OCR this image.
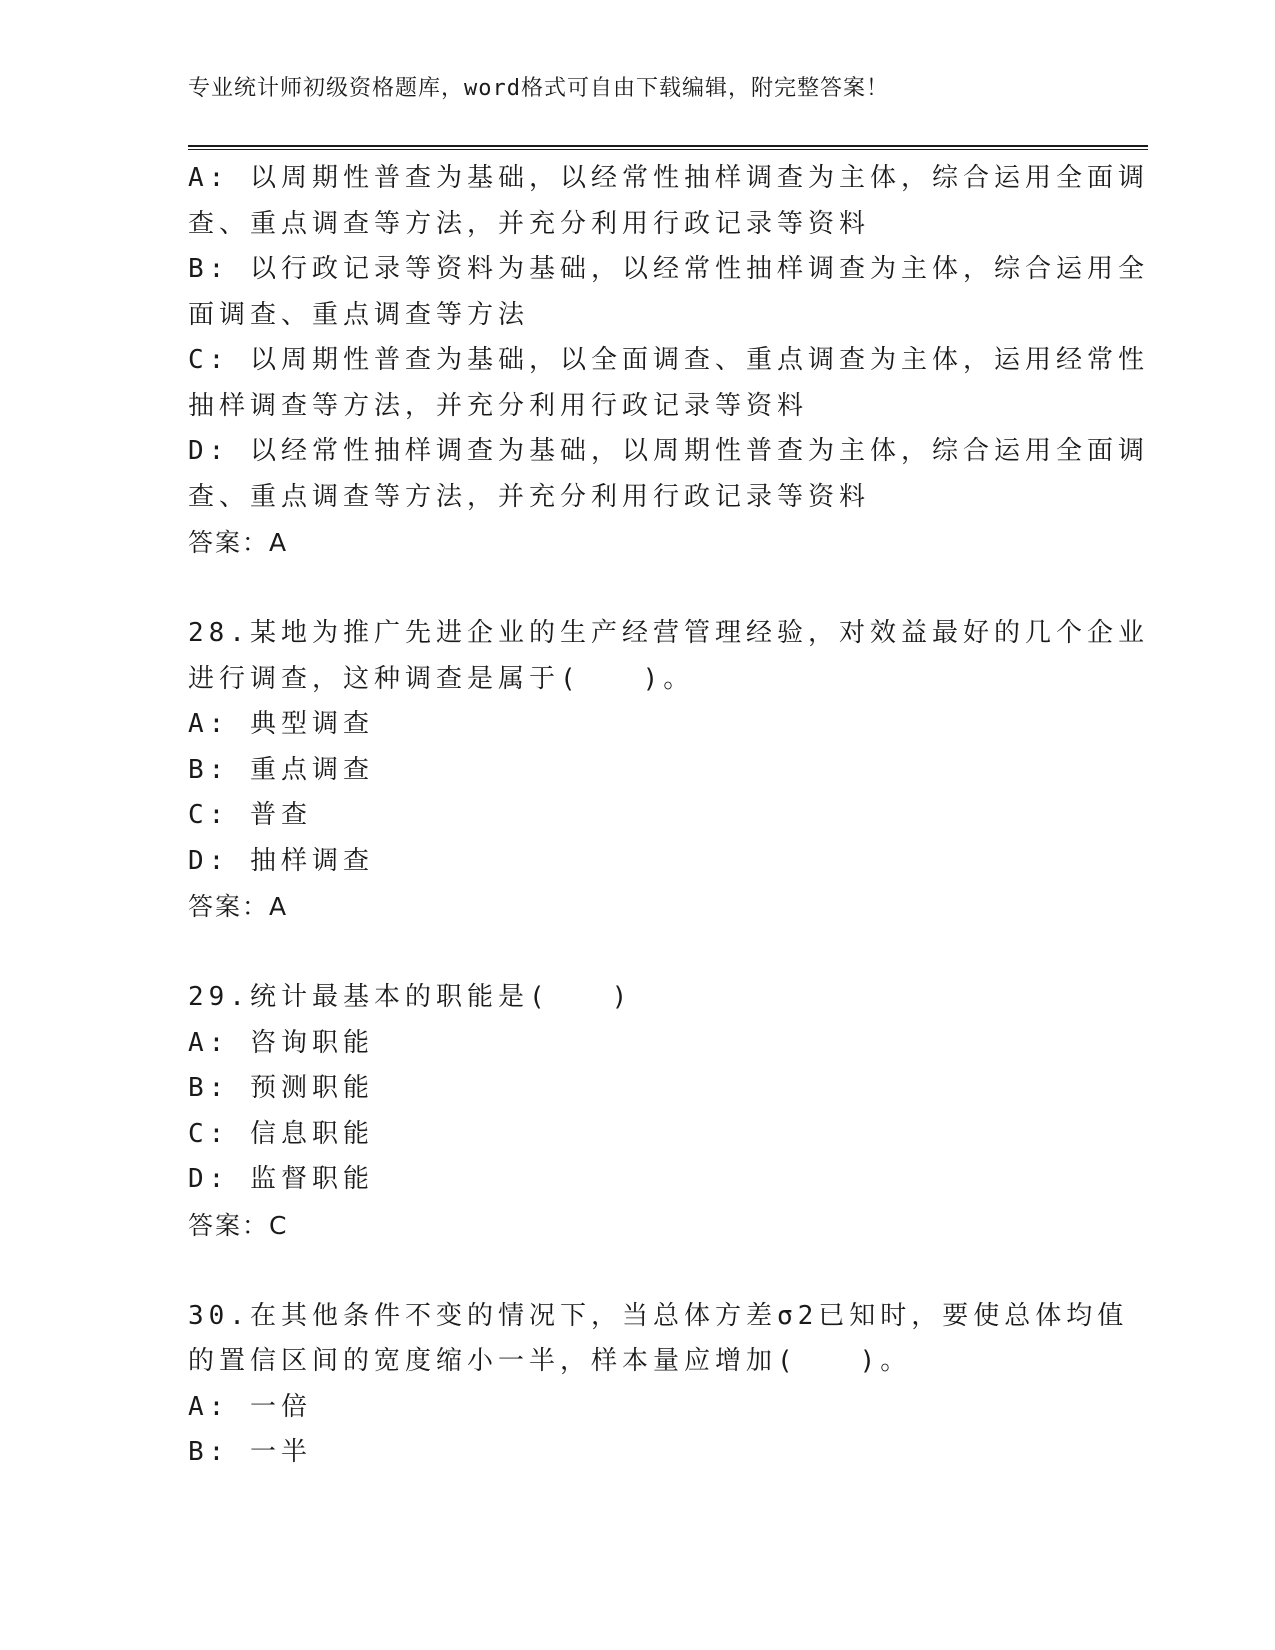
专业统计师初级资格题库，word格式可自由下载编辑，附完整答案！
A: 以周期性普查为基础，以经常性抽样调查为主体，综合运用全面调
查、重点调查等方法，并充分利用行政记录等资料
B: 以行政记录等资料为基础，以经常性抽样调查为主体，综合运用全
面调查、重点调查等方法
C: 以周期性普查为基础，以全面调查、重点调查为主体，运用经常性
抽样调查等方法，并充分利用行政记录等资料
D: 以经常性抽样调查为基础，以周期性普查为主体，综合运用全面调
查、重点调查等方法，并充分利用行政记录等资料
答案：A
28.某地为推广先进企业的生产经营管理经验，对效益最好的几个企业
进行调查，这种调查是属于(　　)。
A: 典型调查
B: 重点调查
C: 普查
D: 抽样调查
答案：A
29.统计最基本的职能是(　　)
A: 咨询职能
B: 预测职能
C: 信息职能
D: 监督职能
答案：C
30.在其他条件不变的情况下，当总体方差σ2已知时，要使总体均值
的置信区间的宽度缩小一半，样本量应增加(　　)。
A: 一倍
B: 一半
